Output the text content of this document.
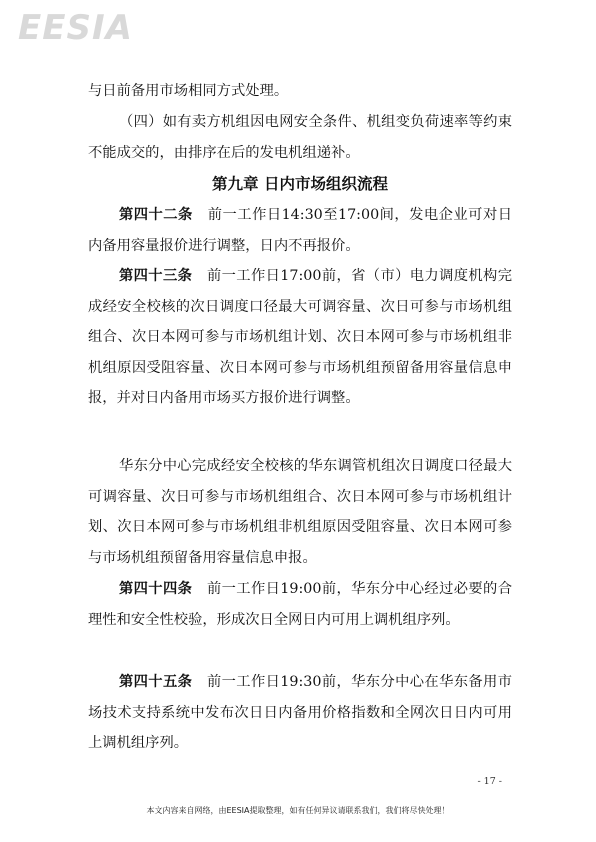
EESIA
与日前备用市场相同方式处理。
（四）如有卖方机组因电网安全条件、机组变负荷速率等约束不能成交的，由排序在后的发电机组递补。
第九章 日内市场组织流程
第四十二条 前一工作日14:30至17:00间，发电企业可对日内备用容量报价进行调整，日内不再报价。
第四十三条 前一工作日17:00前，省（市）电力调度机构完成经安全校核的次日调度口径最大可调容量、次日可参与市场机组组合、次日本网可参与市场机组计划、次日本网可参与市场机组非机组原因受阻容量、次日本网可参与市场机组预留备用容量信息申报，并对日内备用市场买方报价进行调整。
华东分中心完成经安全校核的华东调管机组次日调度口径最大可调容量、次日可参与市场机组组合、次日本网可参与市场机组计划、次日本网可参与市场机组非机组原因受阻容量、次日本网可参与市场机组预留备用容量信息申报。
第四十四条 前一工作日19:00前，华东分中心经过必要的合理性和安全性校验，形成次日全网日内可用上调机组序列。
第四十五条 前一工作日19:30前，华东分中心在华东备用市场技术支持系统中发布次日日内备用价格指数和全网次日日内可用上调机组序列。
- 17 -
本文内容来自网络，由EESIA提取整理，如有任何异议请联系我们，我们将尽快处理！
